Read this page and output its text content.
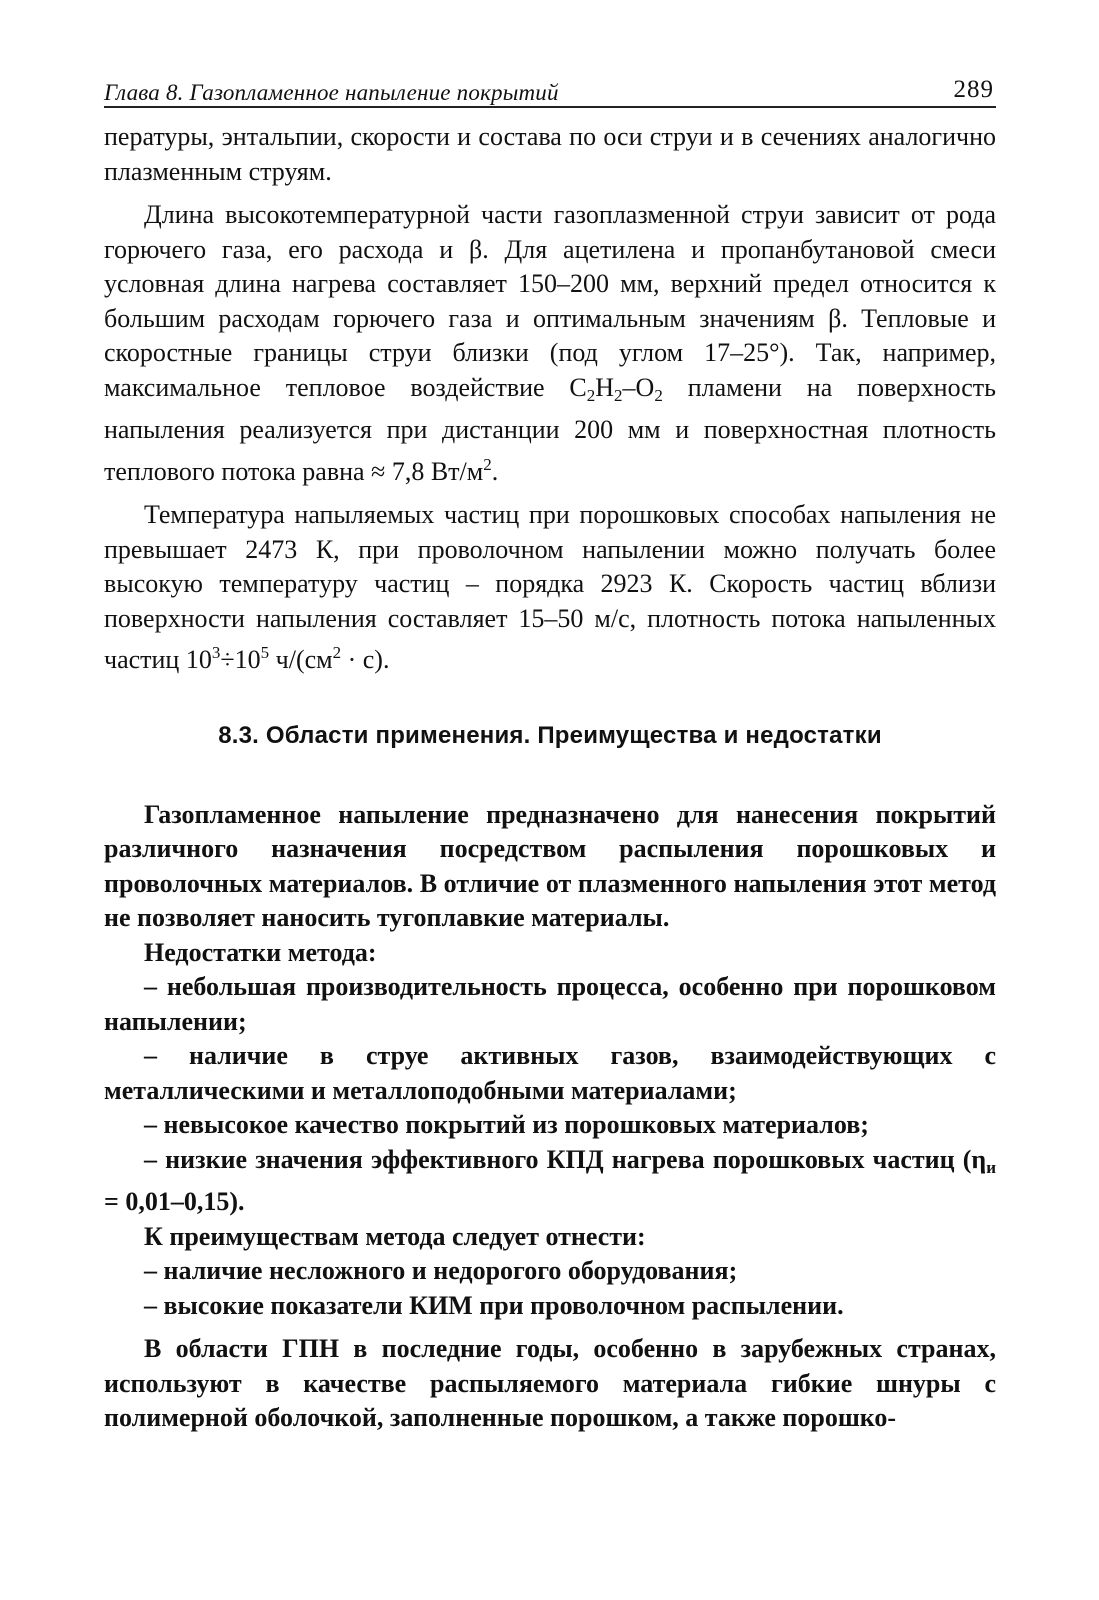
Глава 8. Газопламенное напыление покрытий	289

пературы, энтальпии, скорости и состава по оси струи и в сечениях аналогично плазменным струям.

Длина высокотемпературной части газоплазменной струи зависит от рода горючего газа, его расхода и β. Для ацетилена и пропанбутановой смеси условная длина нагрева составляет 150–200 мм, верхний предел относится к большим расходам горючего газа и оптимальным значениям β. Тепловые и скоростные границы струи близки (под углом 17–25°). Так, например, максимальное тепловое воздействие C2H2–O2 пламени на поверхность напыления реализуется при дистанции 200 мм и поверхностная плотность теплового потока равна ≈ 7,8 $Вт/м^2$.

Температура напыляемых частиц при порошковых способах напыления не превышает 2473 К, при проволочном напылении можно получать более высокую температуру частиц – порядка 2923 К. Скорость частиц вблизи поверхности напыления составляет 15–50 м/с, плотность потока напыленных частиц $10^3\div 10^5$ $ч/(см^2 \cdot с)$.

8.3. Области применения. Преимущества и недостатки

Газопламенное напыление предназначено для нанесения покрытий различного назначения посредством распыления порошковых и проволочных материалов. В отличие от плазменного напыления этот метод не позволяет наносить тугоплавкие материалы.

Недостатки метода:

– небольшая производительность процесса, особенно при порошковом напылении;

– наличие в струе активных газов, взаимодействующих с металлическими и металлоподобными материалами;

– невысокое качество покрытий из порошковых материалов;

– низкие значения эффективного КПД нагрева порошковых частиц (ηи = 0,01–0,15).

К преимуществам метода следует отнести:

– наличие несложного и недорогого оборудования;

– высокие показатели КИМ при проволочном распылении.

В области ГПН в последние годы, особенно в зарубежных странах, используют в качестве распыляемого материала гибкие шнуры с полимерной оболочкой, заполненные порошком, а также порошко-
